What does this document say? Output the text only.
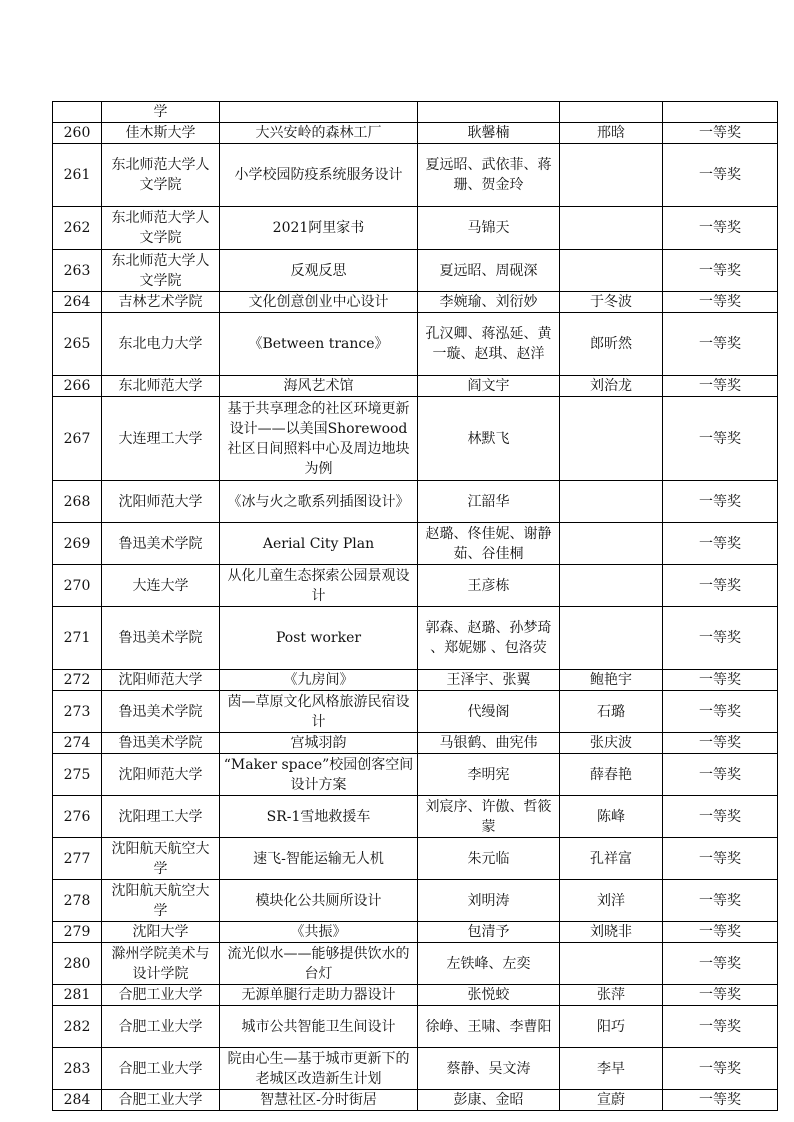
	学				
260	佳木斯大学	大兴安岭的森林工厂	耿馨楠	邢晗	一等奖
261	东北师范大学人文学院	小学校园防疫系统服务设计	夏远昭、武依菲、蒋珊、贺金玲		一等奖
262	东北师范大学人文学院	2021阿里家书	马锦天		一等奖
263	东北师范大学人文学院	反观反思	夏远昭、周砚深		一等奖
264	吉林艺术学院	文化创意创业中心设计	李婉瑜、刘衍妙	于冬波	一等奖
265	东北电力大学	《Between trance》	孔汉卿、蒋泓延、黄一璇、赵琪、赵洋	郎昕然	一等奖
266	东北师范大学	海风艺术馆	阎文宇	刘治龙	一等奖
267	大连理工大学	基于共享理念的社区环境更新设计——以美国Shorewood 社区日间照料中心及周边地块为例	林默飞		一等奖
268	沈阳师范大学	《冰与火之歌系列插图设计》	江韶华		一等奖
269	鲁迅美术学院	Aerial City Plan	赵璐、佟佳妮、谢静茹、谷佳桐		一等奖
270	大连大学	从化儿童生态探索公园景观设计	王彦栋		一等奖
271	鲁迅美术学院	Post worker	郭森、赵璐、孙梦琦 、郑妮娜 、包洛荧		一等奖
272	沈阳师范大学	《九房间》	王泽宇、张翼	鲍艳宇	一等奖
273	鲁迅美术学院	茵—草原文化风格旅游民宿设计	代缦阁	石璐	一等奖
274	鲁迅美术学院	宫城羽韵	马银鹤、曲宪伟	张庆波	一等奖
275	沈阳师范大学	“Maker space”校园创客空间设计方案	李明宪	薛春艳	一等奖
276	沈阳理工大学	SR-1雪地救援车	刘宸序、许傲、哲筱蒙	陈峰	一等奖
277	沈阳航天航空大学	速飞-智能运输无人机	朱元临	孔祥富	一等奖
278	沈阳航天航空大学	模块化公共厕所设计	刘明涛	刘洋	一等奖
279	沈阳大学	《共振》	包清予	刘晓非	一等奖
280	滁州学院美术与设计学院	流光似水——能够提供饮水的台灯	左铁峰、左奕		一等奖
281	合肥工业大学	无源单腿行走助力器设计	张悦蛟	张萍	一等奖
282	合肥工业大学	城市公共智能卫生间设计	徐峥、王啸、李曹阳	阳巧	一等奖
283	合肥工业大学	院由心生—基于城市更新下的老城区改造新生计划	蔡静、吴文涛	李早	一等奖
284	合肥工业大学	智慧社区-分时街居	彭康、金昭	宣蔚	一等奖
